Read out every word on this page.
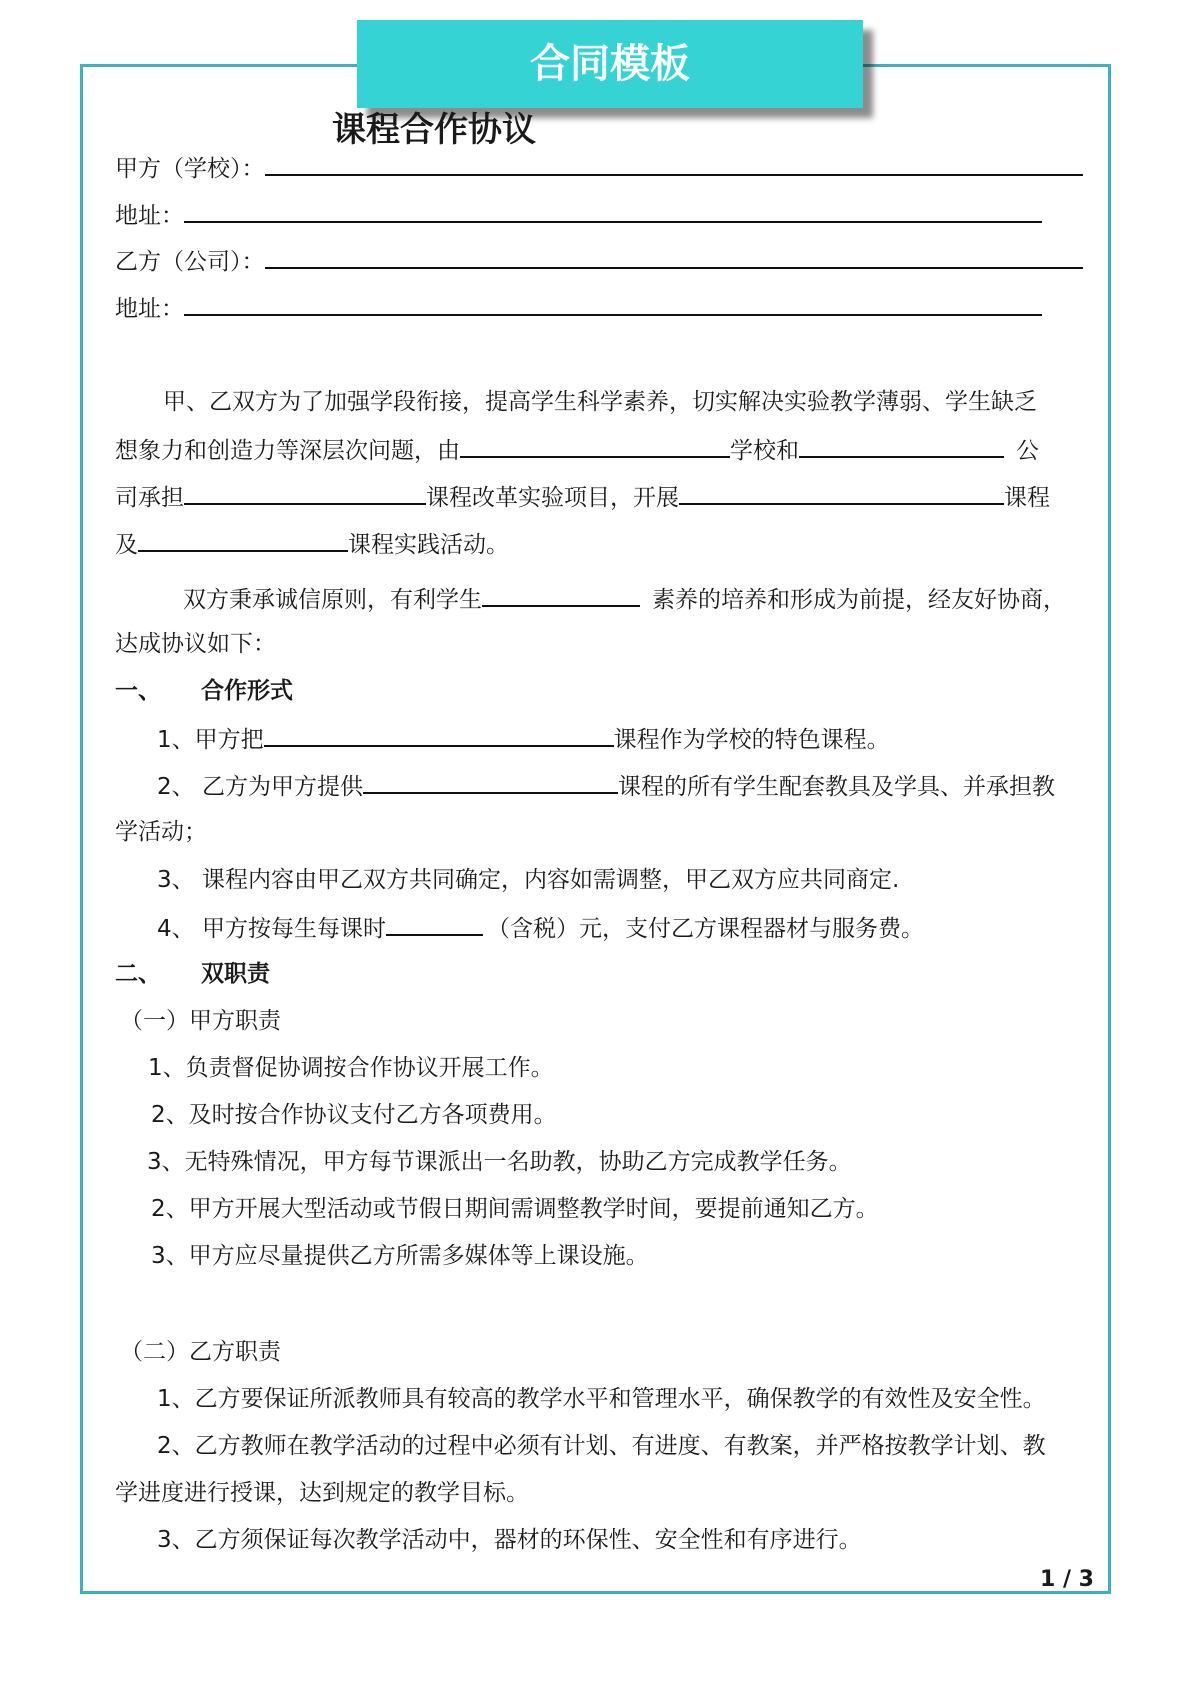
合同模板
课程合作协议
甲方（学校）：
地址：
乙方（公司）：
地址：
甲、乙双方为了加强学段衔接，提高学生科学素养，切实解决实验教学薄弱、学生缺乏
想象力和创造力等深层次问题，由	学校和	公
司承担	课程改革实验项目，开展	课程
及	课程实践活动。
双方秉承诚信原则，有利学生	素养的培养和形成为前提，经友好协商，
达成协议如下：
一、 合作形式
1、甲方把	课程作为学校的特色课程。
2、 乙方为甲方提供	课程的所有学生配套教具及学具、并承担教
学活动；
3、 课程内容由甲乙双方共同确定，内容如需调整，甲乙双方应共同商定.
4、 甲方按每生每课时	（含税）元，支付乙方课程器材与服务费。
二、 双职责
（一）甲方职责
1、负责督促协调按合作协议开展工作。
2、及时按合作协议支付乙方各项费用。
3、无特殊情况，甲方每节课派出一名助教，协助乙方完成教学任务。
2、甲方开展大型活动或节假日期间需调整教学时间，要提前通知乙方。
3、甲方应尽量提供乙方所需多媒体等上课设施。
（二）乙方职责
1、乙方要保证所派教师具有较高的教学水平和管理水平，确保教学的有效性及安全性。
2、乙方教师在教学活动的过程中必须有计划、有进度、有教案，并严格按教学计划、教
学进度进行授课，达到规定的教学目标。
3、乙方须保证每次教学活动中，器材的环保性、安全性和有序进行。
1 / 3
